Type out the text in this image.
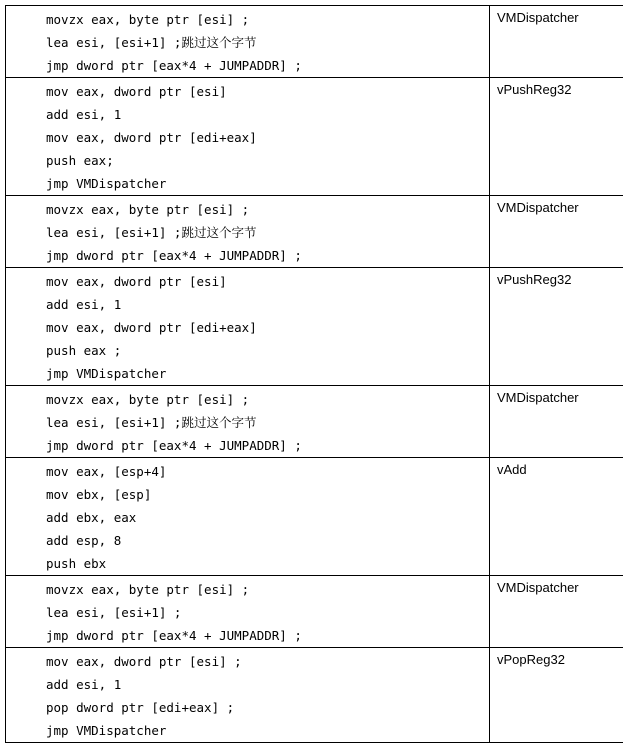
movzx eax, byte ptr [esi] ;
lea esi, [esi+1] ;跳过这个字节
jmp dword ptr [eax*4 + JUMPADDR] ;	VMDispatcher

mov eax, dword ptr [esi]
add esi, 1
mov eax, dword ptr [edi+eax]
push eax;
jmp VMDispatcher	vPushReg32

movzx eax, byte ptr [esi] ;
lea esi, [esi+1] ;跳过这个字节
jmp dword ptr [eax*4 + JUMPADDR] ;	VMDispatcher

mov eax, dword ptr [esi]
add esi, 1
mov eax, dword ptr [edi+eax]
push eax ;
jmp VMDispatcher	vPushReg32

movzx eax, byte ptr [esi] ;
lea esi, [esi+1] ;跳过这个字节
jmp dword ptr [eax*4 + JUMPADDR] ;	VMDispatcher

mov eax, [esp+4]
mov ebx, [esp]
add ebx, eax
add esp, 8
push ebx	vAdd

movzx eax, byte ptr [esi] ;
lea esi, [esi+1] ;
jmp dword ptr [eax*4 + JUMPADDR] ;	VMDispatcher

mov eax, dword ptr [esi] ;
add esi, 1
pop dword ptr [edi+eax] ;
jmp VMDispatcher	vPopReg32
